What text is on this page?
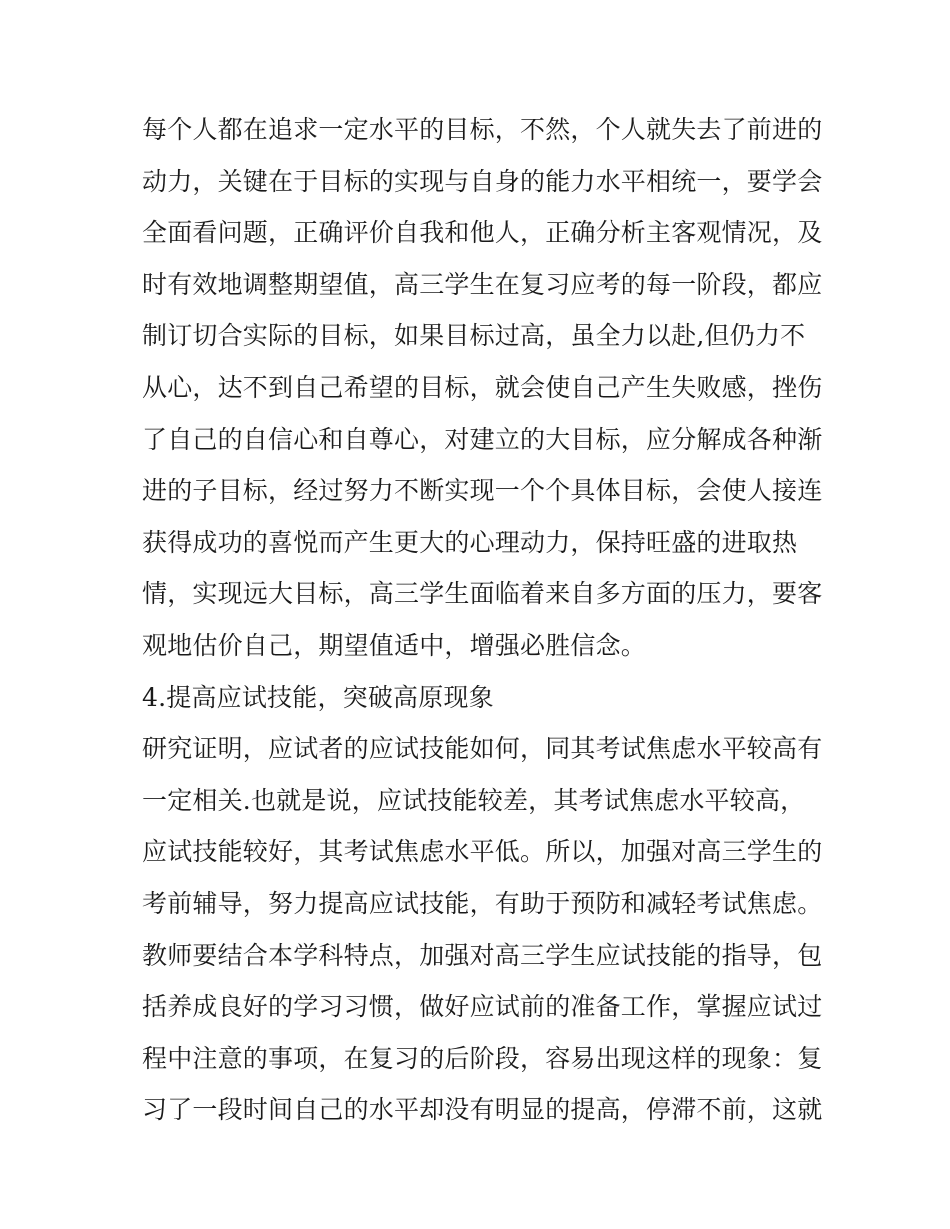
每个人都在追求一定水平的目标，不然，个人就失去了前进的
动力，关键在于目标的实现与自身的能力水平相统一，要学会
全面看问题，正确评价自我和他人，正确分析主客观情况，及
时有效地调整期望值，高三学生在复习应考的每一阶段，都应
制订切合实际的目标，如果目标过高，虽全力以赴,但仍力不
从心，达不到自己希望的目标，就会使自己产生失败感，挫伤
了自己的自信心和自尊心，对建立的大目标，应分解成各种渐
进的子目标，经过努力不断实现一个个具体目标，会使人接连
获得成功的喜悦而产生更大的心理动力，保持旺盛的进取热
情，实现远大目标，高三学生面临着来自多方面的压力，要客
观地估价自己，期望值适中，增强必胜信念。
4.提高应试技能，突破高原现象
研究证明，应试者的应试技能如何，同其考试焦虑水平较高有
一定相关.也就是说，应试技能较差，其考试焦虑水平较高，
应试技能较好，其考试焦虑水平低。所以，加强对高三学生的
考前辅导，努力提高应试技能，有助于预防和减轻考试焦虑。
教师要结合本学科特点，加强对高三学生应试技能的指导，包
括养成良好的学习习惯，做好应试前的准备工作，掌握应试过
程中注意的事项，在复习的后阶段，容易出现这样的现象：复
习了一段时间自己的水平却没有明显的提高，停滞不前，这就
